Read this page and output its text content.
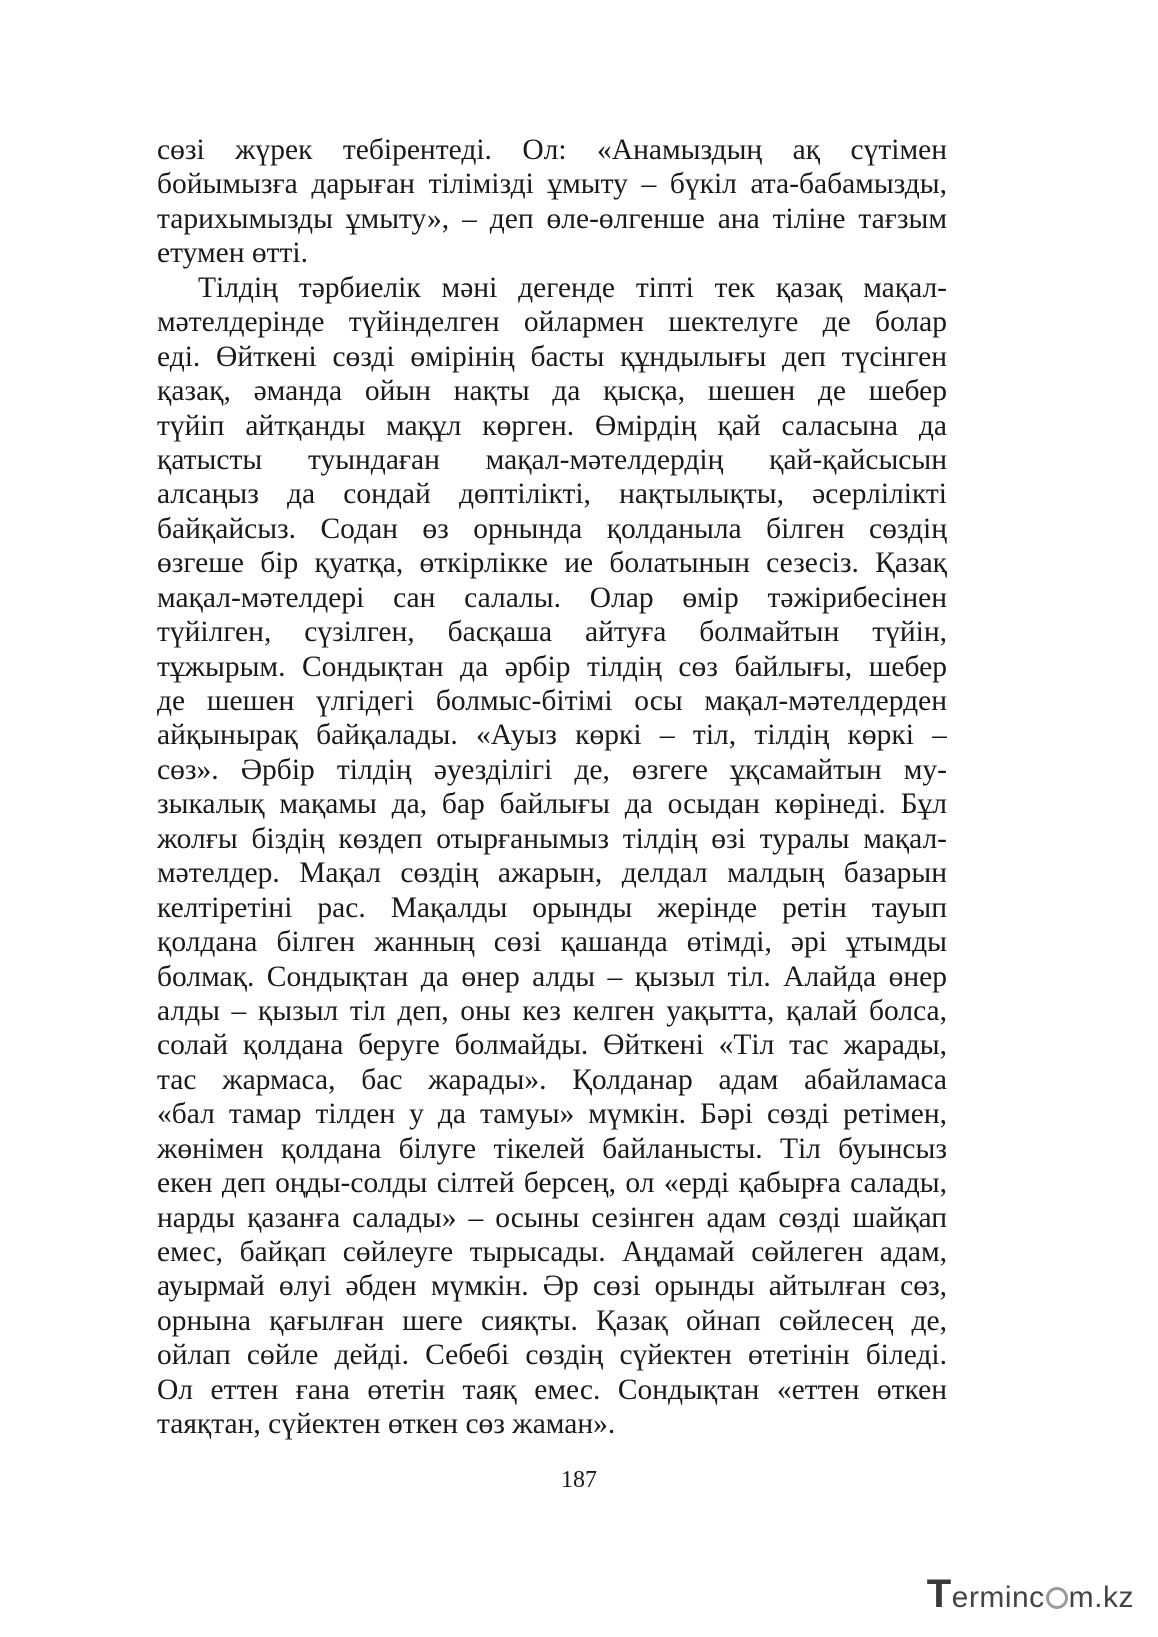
сөзі жүрек тебірентеді. Ол: «Анамыздың ақ сүтімен
бойымызға дарыған тілімізді ұмыту – бүкіл ата-бабамызды,
тарихымызды ұмыту», – деп өле-өлгенше ана тіліне тағзым
етумен өтті.
Тілдің тәрбиелік мәні дегенде тіпті тек қазақ мақал-
мәтелдерінде түйінделген ойлармен шектелуге де болар
еді. Өйткені сөзді өмірінің басты құндылығы деп түсінген
қазақ, әманда ойын нақты да қысқа, шешен де шебер
түйіп айтқанды мақұл көрген. Өмірдің қай саласына да
қатысты туындаған мақал-мәтелдердің қай-қайсысын
алсаңыз да сондай дөптілікті, нақтылықты, әсерлілікті
байқайсыз. Содан өз орнында қолданыла білген сөздің
өзгеше бір қуатқа, өткірлікке ие болатынын сезесіз. Қазақ
мақал-мәтелдері сан салалы. Олар өмір тәжірибесінен
түйілген, сүзілген, басқаша айтуға болмайтын түйін,
тұжырым. Сондықтан да әрбір тілдің сөз байлығы, шебер
де шешен үлгідегі болмыс-бітімі осы мақал-мәтелдерден
айқынырақ байқалады. «Ауыз көркі – тіл, тілдің көркі –
сөз». Әрбір тілдің әуезділігі де, өзгеге ұқсамайтын му-
зыкалық мақамы да, бар байлығы да осыдан көрінеді. Бұл
жолғы біздің көздеп отырғанымыз тілдің өзі туралы мақал-
мәтелдер. Мақал сөздің ажарын, делдал малдың базарын
келтіретіні рас. Мақалды орынды жерінде ретін тауып
қолдана білген жанның сөзі қашанда өтімді, әрі ұтымды
болмақ. Сондықтан да өнер алды – қызыл тіл. Алайда өнер
алды – қызыл тіл деп, оны кез келген уақытта, қалай болса,
солай қолдана беруге болмайды. Өйткені «Тіл тас жарады,
тас жармаса, бас жарады». Қолданар адам абайламаса
«бал тамар тілден у да тамуы» мүмкін. Бәрі сөзді ретімен,
жөнімен қолдана білуге тікелей байланысты. Тіл буынсыз
екен деп оңды-солды сілтей берсең, ол «ерді қабырға салады,
нарды қазанға салады» – осыны сезінген адам сөзді шайқап
емес, байқап сөйлеуге тырысады. Аңдамай сөйлеген адам,
ауырмай өлуі әбден мүмкін. Әр сөзі орынды айтылған сөз,
орнына қағылған шеге сияқты. Қазақ ойнап сөйлесең де,
ойлап сөйле дейді. Себебі сөздің сүйектен өтетінін біледі.
Ол еттен ғана өтетін таяқ емес. Сондықтан «еттен өткен
таяқтан, сүйектен өткен сөз жаман».
187
Terminc m.kz
